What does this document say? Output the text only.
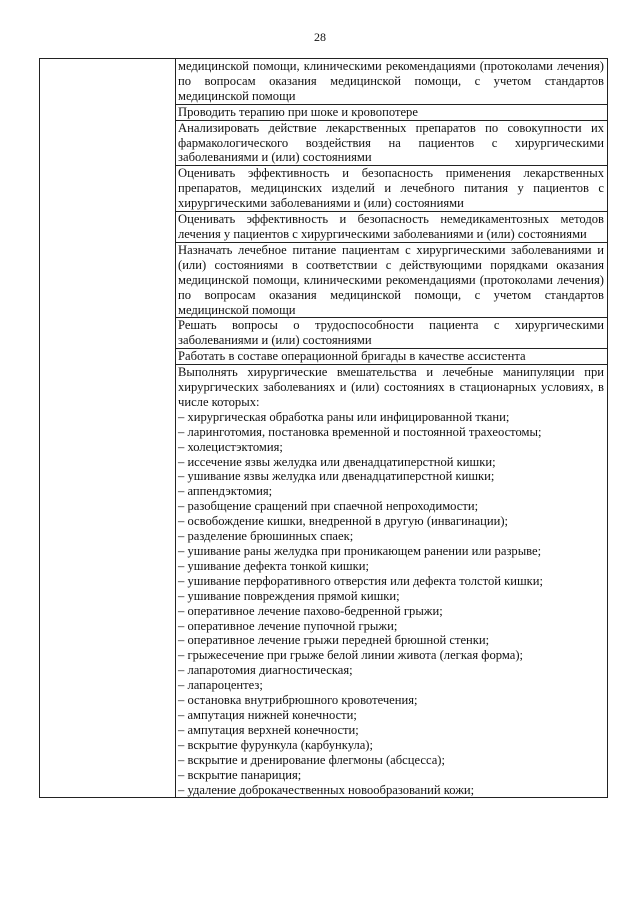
28
	медицинской помощи, клиническими рекомендациями (протоколами лечения) по вопросам оказания медицинской помощи, с учетом стандартов медицинской помощи
Проводить терапию при шоке и кровопотере
Анализировать действие лекарственных препаратов по совокупности их фармакологического воздействия на пациентов с хирургическими заболеваниями и (или) состояниями
Оценивать эффективность и безопасность применения лекарственных препаратов, медицинских изделий и лечебного питания у пациентов с хирургическими заболеваниями и (или) состояниями
Оценивать эффективность и безопасность немедикаментозных методов лечения у пациентов с хирургическими заболеваниями и (или) состояниями
Назначать лечебное питание пациентам с хирургическими заболеваниями и (или) состояниями в соответствии с действующими порядками оказания медицинской помощи, клиническими рекомендациями (протоколами лечения) по вопросам оказания медицинской помощи, с учетом стандартов медицинской помощи
Решать вопросы о трудоспособности пациента с хирургическими заболеваниями и (или) состояниями
Работать в составе операционной бригады в качестве ассистента

Выполнять хирургические вмешательства и лечебные манипуляции при хирургических заболеваниях и (или) состояниях в стационарных условиях, в числе которых:
– хирургическая обработка раны или инфицированной ткани;
– ларинготомия, постановка временной и постоянной трахеостомы;
– холецистэктомия;
– иссечение язвы желудка или двенадцатиперстной кишки;
– ушивание язвы желудка или двенадцатиперстной кишки;
– аппендэктомия;
– разобщение сращений при спаечной непроходимости;
– освобождение кишки, внедренной в другую (инвагинации);
– разделение брюшинных спаек;
– ушивание раны желудка при проникающем ранении или разрыве;
– ушивание дефекта тонкой кишки;
– ушивание перфоративного отверстия или дефекта толстой кишки;
– ушивание повреждения прямой кишки;
– оперативное лечение пахово-бедренной грыжи;
– оперативное лечение пупочной грыжи;
– оперативное лечение грыжи передней брюшной стенки;
– грыжесечение при грыже белой линии живота (легкая форма);
– лапаротомия диагностическая;
– лапароцентез;
– остановка внутрибрюшного кровотечения;
– ампутация нижней конечности;
– ампутация верхней конечности;
– вскрытие фурункула (карбункула);
– вскрытие и дренирование флегмоны (абсцесса);
– вскрытие панариция;
– удаление доброкачественных новообразований кожи;
